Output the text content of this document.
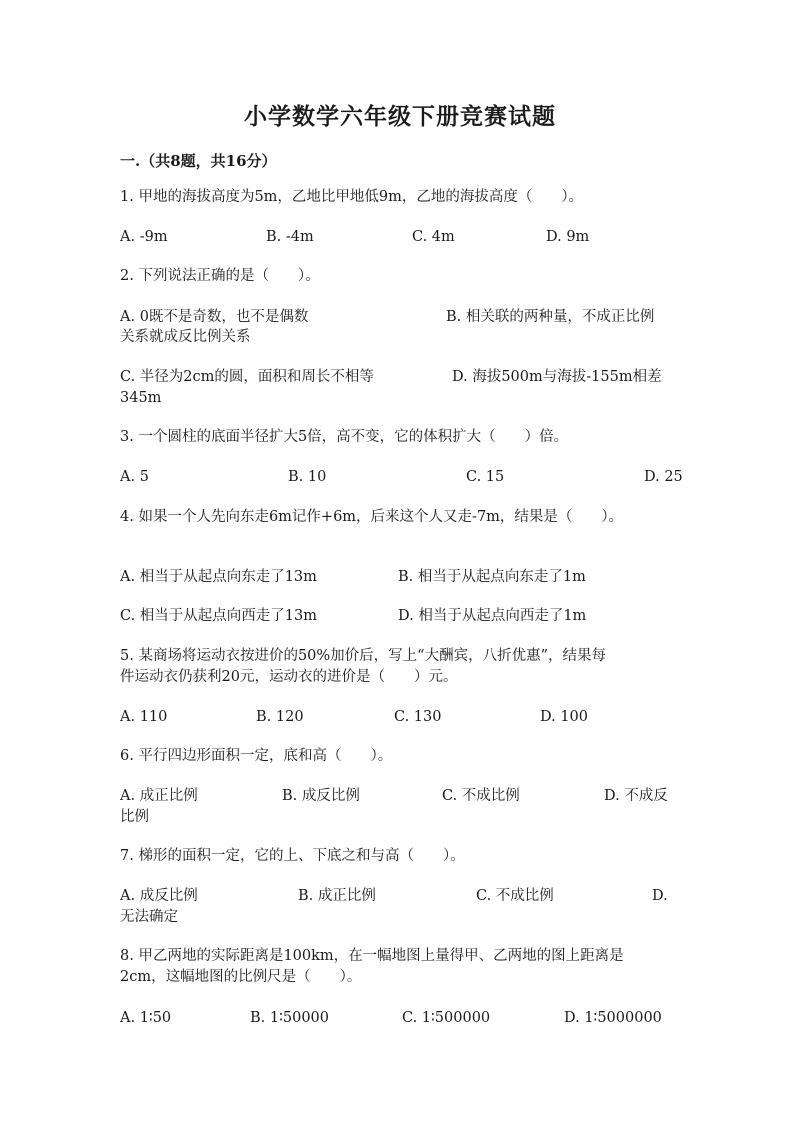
小学数学六年级下册竞赛试题
一.（共8题，共16分）
1. 甲地的海拔高度为5m，乙地比甲地低9m，乙地的海拔高度（　　）。
A. -9m	B. -4m	C. 4m	D. 9m
2. 下列说法正确的是（　　）。
A. 0既不是奇数，也不是偶数	B. 相关联的两种量，不成正比例
关系就成反比例关系
C. 半径为2cm的圆，面积和周长不相等	D. 海拔500m与海拔-155m相差
345m
3. 一个圆柱的底面半径扩大5倍，高不变，它的体积扩大（　　）倍。
A. 5	B. 10	C. 15	D. 25
4. 如果一个人先向东走6m记作+6m，后来这个人又走-7m，结果是（　　）。
A. 相当于从起点向东走了13m	B. 相当于从起点向东走了1m
C. 相当于从起点向西走了13m	D. 相当于从起点向西走了1m
5. 某商场将运动衣按进价的50%加价后，写上“大酬宾，八折优惠”，结果每
件运动衣仍获利20元，运动衣的进价是（　　）元。
A. 110	B. 120	C. 130	D. 100
6. 平行四边形面积一定，底和高（　　）。
A. 成正比例	B. 成反比例	C. 不成比例	D. 不成反
比例
7. 梯形的面积一定，它的上、下底之和与高（　　）。
A. 成反比例	B. 成正比例	C. 不成比例	D.
无法确定
8. 甲乙两地的实际距离是100km，在一幅地图上量得甲、乙两地的图上距离是
2cm，这幅地图的比例尺是（　　）。
A. 1∶50	B. 1∶50000	C. 1∶500000	D. 1∶5000000
